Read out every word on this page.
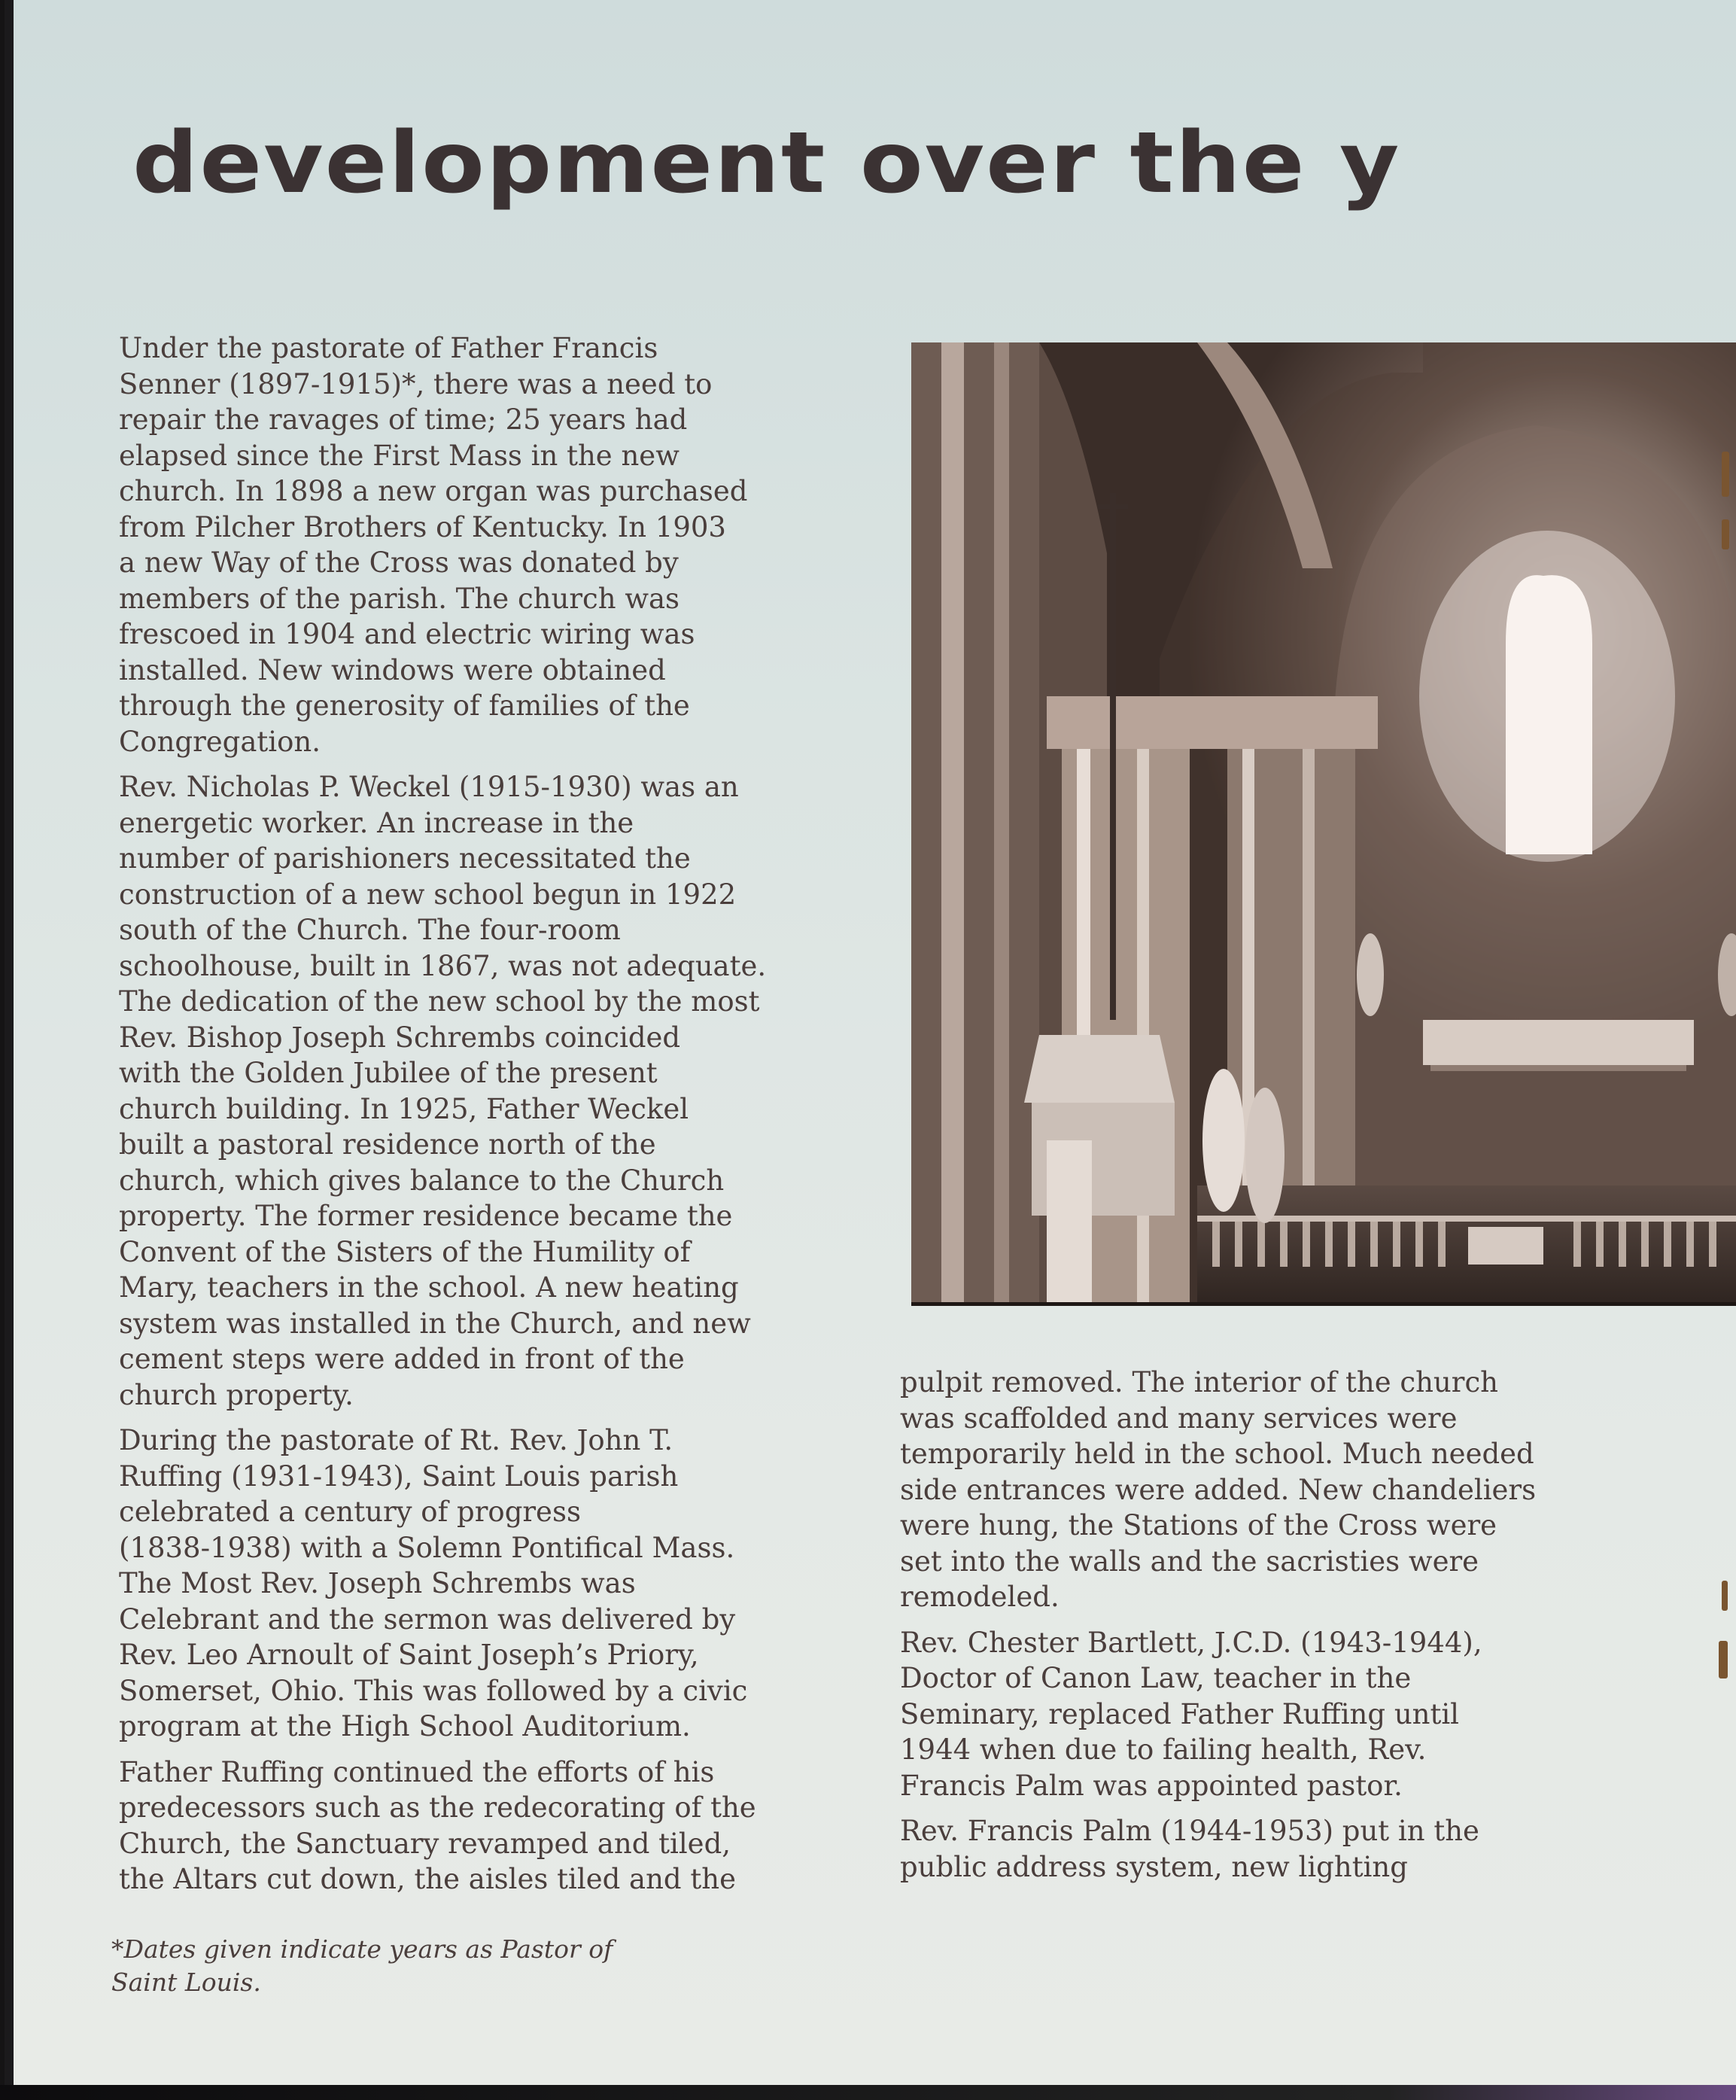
development over the y

Under the pastorate of Father Francis
Senner (1897-1915)*, there was a need to
repair the ravages of time; 25 years had
elapsed since the First Mass in the new
church. In 1898 a new organ was purchased
from Pilcher Brothers of Kentucky. In 1903
a new Way of the Cross was donated by
members of the parish. The church was
frescoed in 1904 and electric wiring was
installed. New windows were obtained
through the generosity of families of the
Congregation.

Rev. Nicholas P. Weckel (1915-1930) was an
energetic worker. An increase in the
number of parishioners necessitated the
construction of a new school begun in 1922
south of the Church. The four-room
schoolhouse, built in 1867, was not adequate.
The dedication of the new school by the most
Rev. Bishop Joseph Schrembs coincided
with the Golden Jubilee of the present
church building. In 1925, Father Weckel
built a pastoral residence north of the
church, which gives balance to the Church
property. The former residence became the
Convent of the Sisters of the Humility of
Mary, teachers in the school. A new heating
system was installed in the Church, and new
cement steps were added in front of the
church property.

During the pastorate of Rt. Rev. John T.
Ruffing (1931-1943), Saint Louis parish
celebrated a century of progress
(1838-1938) with a Solemn Pontifical Mass.
The Most Rev. Joseph Schrembs was
Celebrant and the sermon was delivered by
Rev. Leo Arnoult of Saint Joseph’s Priory,
Somerset, Ohio. This was followed by a civic
program at the High School Auditorium.

Father Ruffing continued the efforts of his
predecessors such as the redecorating of the
Church, the Sanctuary revamped and tiled,
the Altars cut down, the aisles tiled and the

pulpit removed. The interior of the church
was scaffolded and many services were
temporarily held in the school. Much needed
side entrances were added. New chandeliers
were hung, the Stations of the Cross were
set into the walls and the sacristies were
remodeled.

Rev. Chester Bartlett, J.C.D. (1943-1944),
Doctor of Canon Law, teacher in the
Seminary, replaced Father Ruffing until
1944 when due to failing health, Rev.
Francis Palm was appointed pastor.

Rev. Francis Palm (1944-1953) put in the
public address system, new lighting

*Dates given indicate years as Pastor of
Saint Louis.
